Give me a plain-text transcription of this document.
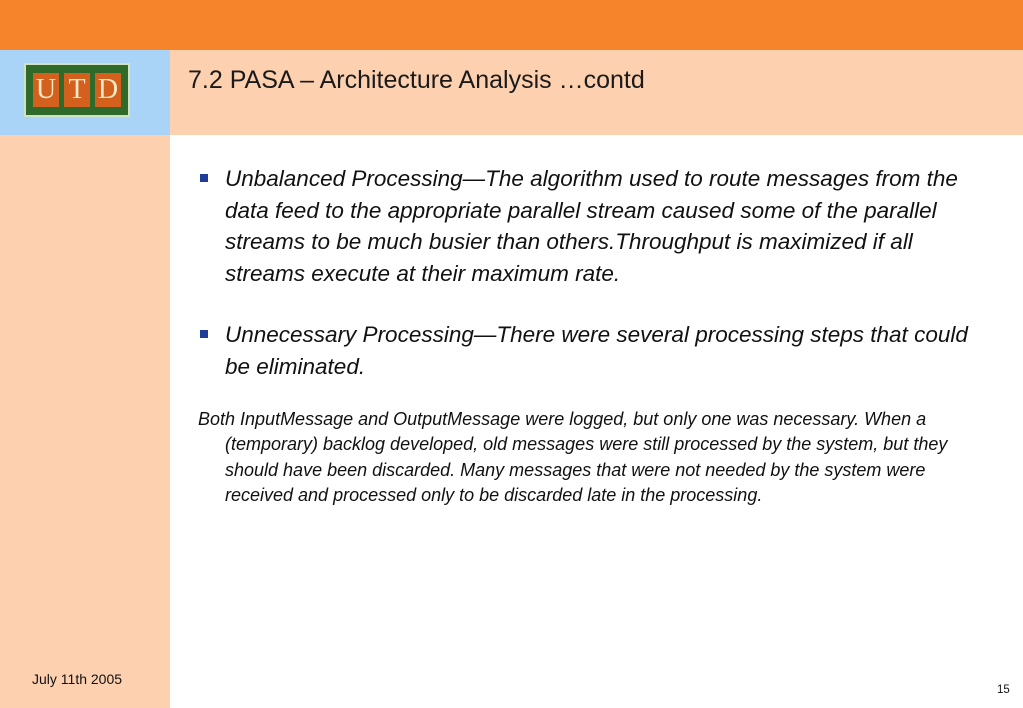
U T D	7.2 PASA – Architecture Analysis …contd

Unbalanced Processing—The algorithm used to route messages from the data feed to the appropriate parallel stream caused some of the parallel streams to be much busier than others.Throughput is maximized if all streams execute at their maximum rate.

Unnecessary Processing—There were several processing steps that could be eliminated.

Both InputMessage and OutputMessage were logged, but only one was necessary. When a (temporary) backlog developed, old messages were still processed by the system, but they should have been discarded. Many messages that were not needed by the system were received and processed only to be discarded late in the processing.

July 11th 2005
15
